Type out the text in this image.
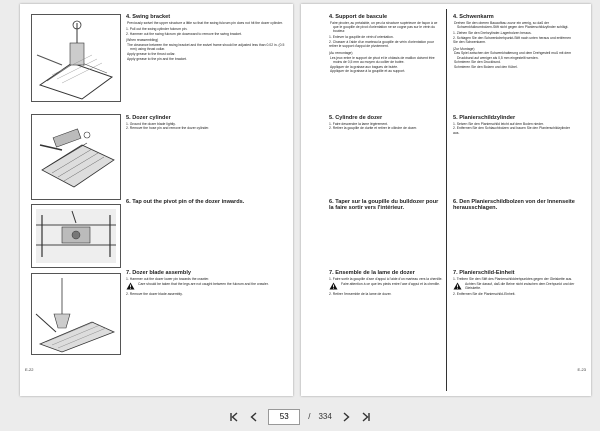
4. Swing bracket

Previously swivel the upper structure a little so that the swing fulcrum pin does not hit the dozer cylinder.

1. Pull out the swing cylinder fulcrum pin.

2. Hammer out the swing fulcrum pin downward to remove the swing bracket.

(When reassembling)

The clearance between the swing bracket and the swivel frame should be adjusted less than 0.02 in. (0.5 mm) using thrust collar.

Apply grease to the thrust collar.

Apply grease to the pin and the bracket.

5. Dozer cylinder

1. Ground the dozer blade lightly.

2. Remove the hose pin and remove the dozer cylinder.

6. Tap out the pivot pin of the dozer inwards.
7. Dozer blade assembly

1. Hammer out the dozer lower pin towards the crawler.

Care should be taken that the legs are not caught between the fulcrum and the crawler.

2. Remove the dozer blade assembly.

E-22
4. Support de bascule

Faire pivoter, au préalable, un peu la structure supérieure de façon à ce que le goupille de pivot d'orientation ne se cogne pas sur le vérin du bouteur.

1. Enlever la goupille de vérin d'orientation.

2. Chasser à l'aide d'un marteau la goupille de vérin d'orientation pour retirer le support d'appui de pivotement.

(Au remontage)

Les jeux entre le support de pivot et le châssis de maillon doivent être moins de 0,5 mm au moyen du collier de butée.

Appliquer de la graisse aux bagues de butée.

Appliquer de la graisse à la goupille et au support.

5. Cylindre de dozer

1. Faire descendre la lame légèrement.

2. Retirer la goupille de durite et retirer le cilindre de dozer.

6. Taper sur la goupille du bulldozer pour la faire sortir vers l'intérieur.
7. Ensemble de la lame de dozer

1. Faire sortir la goupille d'axe d'appui à l'aide d'un marteau vers la chenille.

Faire attention à ce que les pieds entre l'axe d'appui et la chenille.

2. Retirer l'ensemble de la lame de dozer.

4. Schwenkarm

Drehen Sie den oberen Bauaufbau zuvor ein wenig, so daß der Schwenkfulkrumbolzen-Stift nicht gegen den Planierschildzylinder schlägt.

1. Ziehen Sie den Drehzylinder-Lagerbolzen heraus.

2. Schlagen Sie den Schwenkdrehpunkt-Stift nach unten heraus und entfernen Sie den Schwenkarm.

(Zur Montage)

Das Spiel zwischen der Schwenkhalterung und dem Drehgestell muß mit dem Druckbund auf weniger als 0,5 mm eingestellt werden.

Schmieren Sie den Druckbund.

Schmieren Sie den Bolzen und den Kübel.

5. Planierschildzylinder

1. Setzen Sie den Planierschild leicht auf dem Boden nieder.

2. Entfernen Sie den Schlauchbolzen und bauen Sie den Planierschildzylinder aus.

6. Den Planierschildbolzen von der Innenseite herausschlagen.
7. Planierschild-Einheit

1. Treiben Sie den Stift des Planierschilddrehpunktes gegen der Gleiskette aus.

Achten Sie darauf, daß die Beine nicht zwischen dem Drehpunkt und der Gleiskette.

2. Entfernen Sie die Planierschild-Einheit.

E-23
53
/ 334
